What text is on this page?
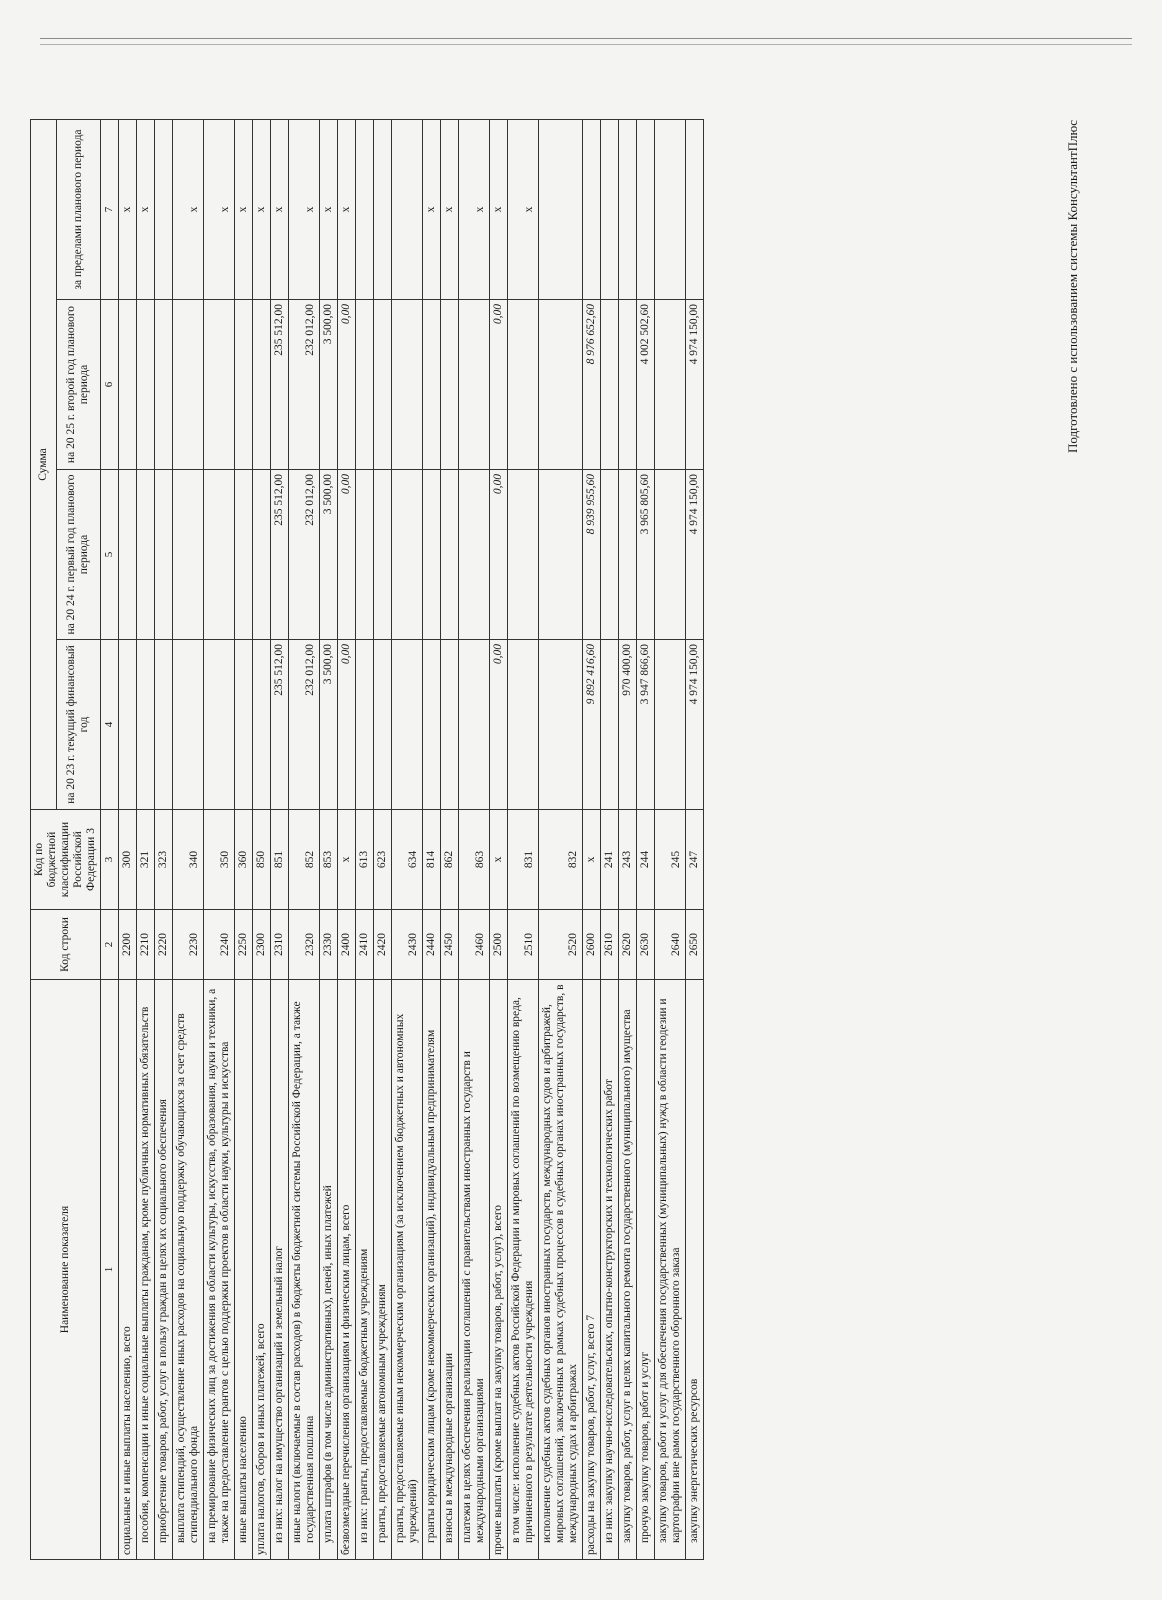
Наименование показателя	Код строки	Код по бюджетной классификации Российской Федерации 3	Сумма			
			на 20 23 г. текущий финансовый год	на 20 24 г. первый год планового периода	на 20 25 г. второй год планового периода	за пределами планового периода
1	2	3	4	5	6	7
социальные и иные выплаты населению, всего	2200	300				x
пособия, компенсации и иные социальные выплаты гражданам, кроме публичных нормативных обязательств	2210	321				x
приобретение товаров, работ, услуг в пользу граждан в целях их социального обеспечения	2220	323				
выплата стипендий, осуществление иных расходов на социальную поддержку обучающихся за счет средств стипендиального фонда	2230	340				x
на премирование физических лиц за достижения в области культуры, искусства, образования, науки и техники, а также на предоставление грантов с целью поддержки проектов в области науки, культуры и искусства	2240	350				x
иные выплаты населению	2250	360				x
уплата налогов, сборов и иных платежей, всего	2300	850				x
из них: налог на имущество организаций и земельный налог	2310	851	235 512,00	235 512,00	235 512,00	x
иные налоги (включаемые в состав расходов) в бюджеты бюджетной системы Российской Федерации, а также государственная пошлина	2320	852	232 012,00	232 012,00	232 012,00	x
уплата штрафов (в том числе административных), пеней, иных платежей	2330	853	3 500,00	3 500,00	3 500,00	x
безвозмездные перечисления организациям и физическим лицам, всего	2400	x	0,00	0,00	0,00	x
из них: гранты, предоставляемые бюджетным учреждениям	2410	613				
гранты, предоставляемые автономным учреждениям	2420	623				
гранты, предоставляемые иным некоммерческим организациям (за исключением бюджетных и автономных учреждений)	2430	634				
гранты юридическим лицам (кроме некоммерческих организаций), индивидуальным предпринимателям	2440	814				x
взносы в международные организации	2450	862				x
платежи в целях обеспечения реализации соглашений с правительствами иностранных государств и международными организациями	2460	863				x
прочие выплаты (кроме выплат на закупку товаров, работ, услуг), всего	2500	x	0,00	0,00	0,00	x
в том числе: исполнение судебных актов Российской Федерации и мировых соглашений по возмещению вреда, причиненного в результате деятельности учреждения	2510	831				x
исполнение судебных актов судебных органов иностранных государств, международных судов и арбитражей, мировых соглашений, заключенных в рамках судебных процессов в судебных органах иностранных государств, в международных судах и арбитражах	2520	832				
расходы на закупку товаров, работ, услуг, всего 7	2600	x	9 892 416,60	8 939 955,60	8 976 652,60	
из них: закупку научно-исследовательских, опытно-конструкторских и технологических работ	2610	241				
закупку товаров, работ, услуг в целях капитального ремонта государственного (муниципального) имущества	2620	243	970 400,00			
прочую закупку товаров, работ и услуг	2630	244	3 947 866,60	3 965 805,60	4 002 502,60	
закупку товаров, работ и услуг для обеспечения государственных (муниципальных) нужд в области геодезии и картографии вне рамок государственного оборонного заказа	2640	245				
закупку энергетических ресурсов	2650	247	4 974 150,00	4 974 150,00	4 974 150,00		Подготовлено с использованием системы КонсультантПлюс
